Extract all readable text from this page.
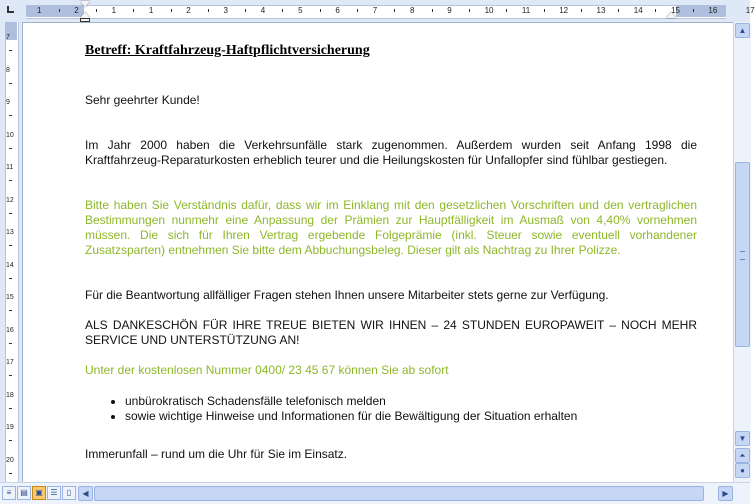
1	2	1	1	2	3	4	5	6	7	8	9	10	11	12	13	14	15	16	17
7
8
9
10
11
12
13
14
15
16
17
18
19
20
Betreff: Kraftfahrzeug-Haftpflichtversicherung
Sehr geehrter Kunde!
Im Jahr 2000 haben die Verkehrsunfälle stark zugenommen. Außerdem wurden seit Anfang 1998 die Kraftfahrzeug-Reparaturkosten erheblich teurer und die Heilungskosten für Unfallopfer sind fühlbar gestiegen.
Bitte haben Sie Verständnis dafür, dass wir im Einklang mit den gesetzlichen Vorschriften und den vertraglichen Bestimmungen nunmehr eine Anpassung der Prämien zur Hauptfälligkeit im Ausmaß von 4,40% vornehmen müssen. Die sich für Ihren Vertrag ergebende Folgeprämie (inkl. Steuer sowie eventuell vorhandener Zusatzsparten) entnehmen Sie bitte dem Abbuchungsbeleg. Dieser gilt als Nachtrag zu Ihrer Polizze.
Für die Beantwortung allfälliger Fragen stehen Ihnen unsere Mitarbeiter stets gerne zur Verfügung.
ALS DANKESCHÖN FÜR IHRE TREUE BIETEN WIR IHNEN – 24 STUNDEN EUROPAWEIT – NOCH MEHR SERVICE UND UNTERSTÜTZUNG AN!
Unter der kostenlosen Nummer 0400/ 23 45 67 können Sie ab sofort
• unbürokratisch Schadensfälle telefonisch melden
• sowie wichtige Hinweise und Informationen für die Bewältigung der Situation erhalten
Immerunfall – rund um die Uhr für Sie im Einsatz.
▲
▼
⏶
●
≡	▤ ▣ ☰	▯	◀	▶
